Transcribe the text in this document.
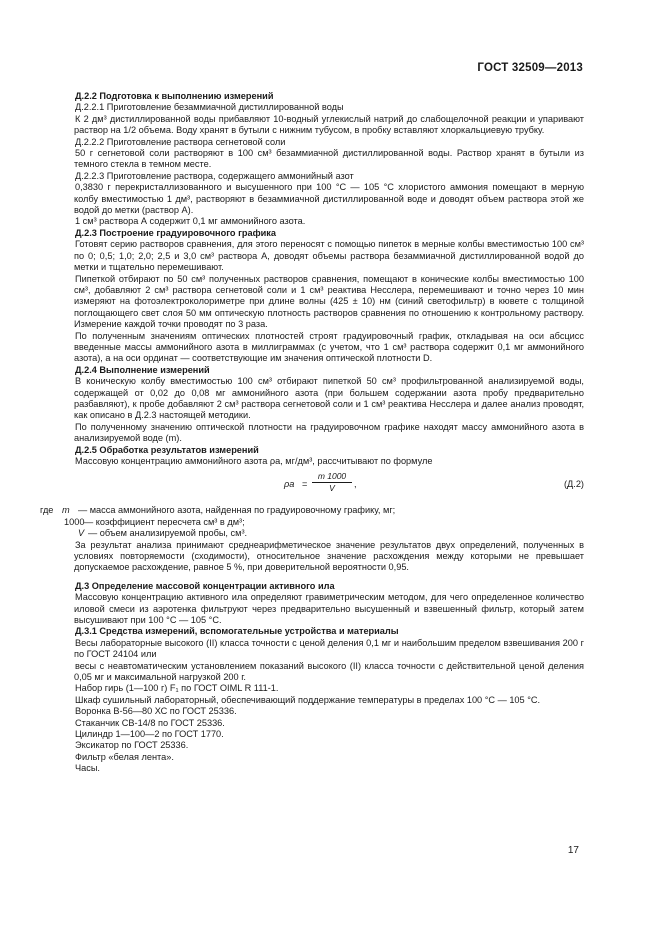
ГОСТ 32509—2013

Д.2.2 Подготовка к выполнению измерений

Д.2.2.1 Приготовление безаммиачной дистиллированной воды

К 2 дм³ дистиллированной воды прибавляют 10-водный углекислый натрий до слабощелочной реакции и упаривают раствор на 1/2 объема. Воду хранят в бутыли с нижним тубусом, в пробку вставляют хлоркальциевую трубку.

Д.2.2.2 Приготовление раствора сегнетовой соли

50 г сегнетовой соли растворяют в 100 см³ безаммиачной дистиллированной воды. Раствор хранят в бутыли из темного стекла в темном месте.

Д.2.2.3 Приготовление раствора, содержащего аммонийный азот

0,3830 г перекристаллизованного и высушенного при 100 °С — 105 °С хлористого аммония помещают в мерную колбу вместимостью 1 дм³, растворяют в безаммиачной дистиллированной воде и доводят объем раствора этой же водой до метки (раствор А).

1 см³ раствора А содержит 0,1 мг аммонийного азота.

Д.2.3 Построение градуировочного графика

Готовят серию растворов сравнения, для этого переносят с помощью пипеток в мерные колбы вместимостью 100 см³ по 0; 0,5; 1,0; 2,0; 2,5 и 3,0 см³ раствора А, доводят объемы раствора безаммиачной дистиллированной водой до метки и тщательно перемешивают.

Пипеткой отбирают по 50 см³ полученных растворов сравнения, помещают в конические колбы вместимостью 100 см³, добавляют 2 см³ раствора сегнетовой соли и 1 см³ реактива Несслера, перемешивают и точно через 10 мин измеряют на фотоэлектроколориметре при длине волны (425 ± 10) нм (синий светофильтр) в кювете с толщиной поглощающего свет слоя 50 мм оптическую плотность растворов сравнения по отношению к контрольному раствору. Измерение каждой точки проводят по 3 раза.

По полученным значениям оптических плотностей строят градуировочный график, откладывая на оси абсцисс введенные массы аммонийного азота в миллиграммах (с учетом, что 1 см³ раствора содержит 0,1 мг аммонийного азота), а на оси ординат — соответствующие им значения оптической плотности D.

Д.2.4 Выполнение измерений

В коническую колбу вместимостью 100 см³ отбирают пипеткой 50 см³ профильтрованной анализируемой воды, содержащей от 0,02 до 0,08 мг аммонийного азота (при большем содержании азота пробу предварительно разбавляют), к пробе добавляют 2 см³ раствора сегнетовой соли и 1 см³ реактива Несслера и далее анализ проводят, как описано в Д.2.3 настоящей методики.

По полученному значению оптической плотности на градуировочном графике находят массу аммонийного азота в анализируемой воде (m).

Д.2.5 Обработка результатов измерений

Массовую концентрацию аммонийного азота ρа, мг/дм³, рассчитывают по формуле

$\rho а = \frac{m 1000}{V}$ ,	(Д.2)
где m — масса аммонийного азота, найденная по градуировочному графику, мг;
1000 — коэффициент пересчета см³ в дм³;
V — объем анализируемой пробы, см³.

За результат анализа принимают среднеарифметическое значение результатов двух определений, полученных в условиях повторяемости (сходимости), относительное значение расхождения между которыми не превышает допускаемое расхождение, равное 5 %, при доверительной вероятности 0,95.

Д.3 Определение массовой концентрации активного ила

Массовую концентрацию активного ила определяют гравиметрическим методом, для чего определенное количество иловой смеси из аэротенка фильтруют через предварительно высушенный и взвешенный фильтр, который затем высушивают при 100 °С — 105 °С.

Д.3.1 Средства измерений, вспомогательные устройства и материалы

Весы лабораторные высокого (II) класса точности с ценой деления 0,1 мг и наибольшим пределом взвешивания 200 г по ГОСТ 24104 или

весы с неавтоматическим установлением показаний высокого (II) класса точности с действительной ценой деления 0,05 мг и максимальной нагрузкой 200 г.

Набор гирь (1—100 г) F₁ по ГОСТ OIML R 111-1.

Шкаф сушильный лабораторный, обеспечивающий поддержание температуры в пределах 100 °С — 105 °С.

Воронка В-56—80 ХС по ГОСТ 25336.

Стаканчик СВ-14/8 по ГОСТ 25336.

Цилиндр 1—100—2 по ГОСТ 1770.

Эксикатор по ГОСТ 25336.

Фильтр «белая лента».

Часы.

17
